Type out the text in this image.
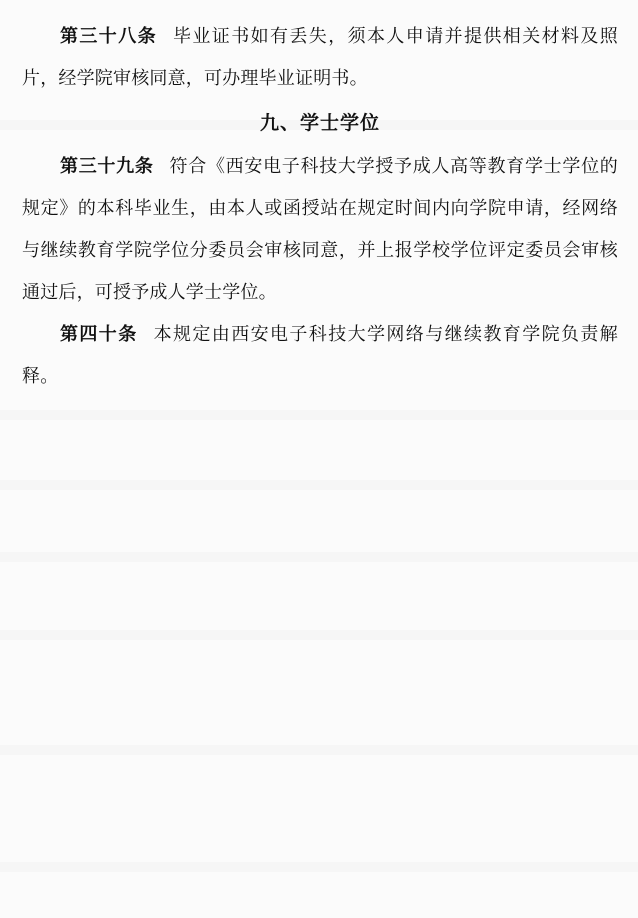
第三十八条 毕业证书如有丢失，须本人申请并提供相关材料及照片，经学院审核同意，可办理毕业证明书。

九、学士学位

第三十九条 符合《西安电子科技大学授予成人高等教育学士学位的规定》的本科毕业生，由本人或函授站在规定时间内向学院申请，经网络与继续教育学院学位分委员会审核同意，并上报学校学位评定委员会审核通过后，可授予成人学士学位。

第四十条 本规定由西安电子科技大学网络与继续教育学院负责解释。
